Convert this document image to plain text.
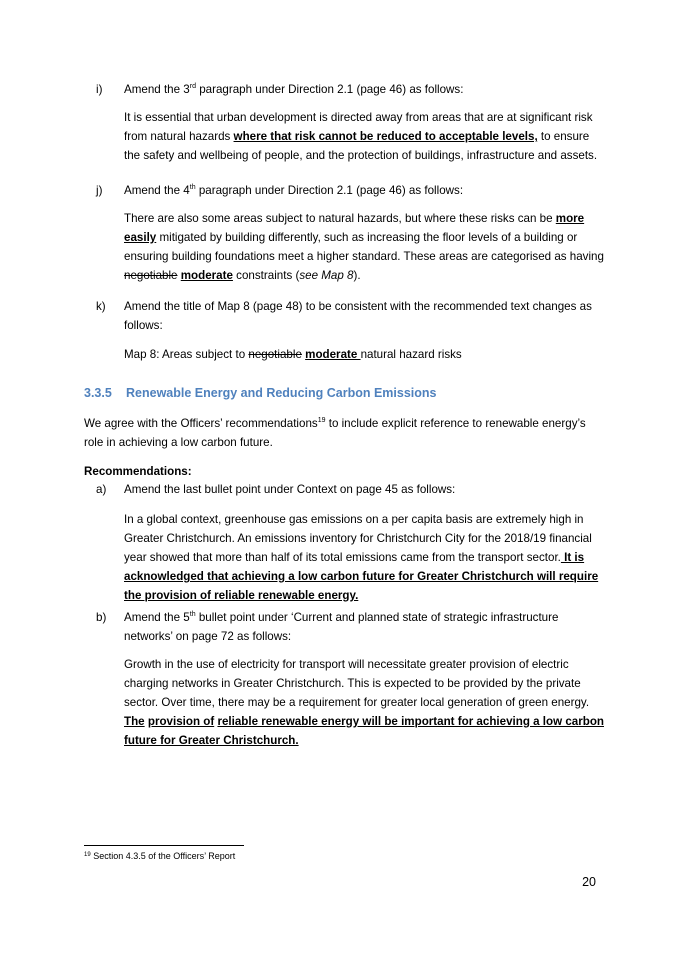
i) Amend the 3rd paragraph under Direction 2.1 (page 46) as follows:
It is essential that urban development is directed away from areas that are at significant risk from natural hazards where that risk cannot be reduced to acceptable levels, to ensure the safety and wellbeing of people, and the protection of buildings, infrastructure and assets.
j) Amend the 4th paragraph under Direction 2.1 (page 46) as follows:
There are also some areas subject to natural hazards, but where these risks can be more easily mitigated by building differently, such as increasing the floor levels of a building or ensuring building foundations meet a higher standard. These areas are categorised as having negotiable moderate constraints (see Map 8).
k) Amend the title of Map 8 (page 48) to be consistent with the recommended text changes as follows:
Map 8: Areas subject to negotiable moderate natural hazard risks
3.3.5 Renewable Energy and Reducing Carbon Emissions
We agree with the Officers’ recommendations$^{19}$ to include explicit reference to renewable energy’s role in achieving a low carbon future.
Recommendations:
a) Amend the last bullet point under Context on page 45 as follows:
In a global context, greenhouse gas emissions on a per capita basis are extremely high in Greater Christchurch. An emissions inventory for Christchurch City for the 2018/19 financial year showed that more than half of its total emissions came from the transport sector. It is acknowledged that achieving a low carbon future for Greater Christchurch will require the provision of reliable renewable energy.
b) Amend the 5th bullet point under ‘Current and planned state of strategic infrastructure networks’ on page 72 as follows:
Growth in the use of electricity for transport will necessitate greater provision of electric charging networks in Greater Christchurch. This is expected to be provided by the private sector. Over time, there may be a requirement for greater local generation of green energy.
The provision of reliable renewable energy will be important for achieving a low carbon future for Greater Christchurch.
$^{19}$ Section 4.3.5 of the Officers’ Report
20
